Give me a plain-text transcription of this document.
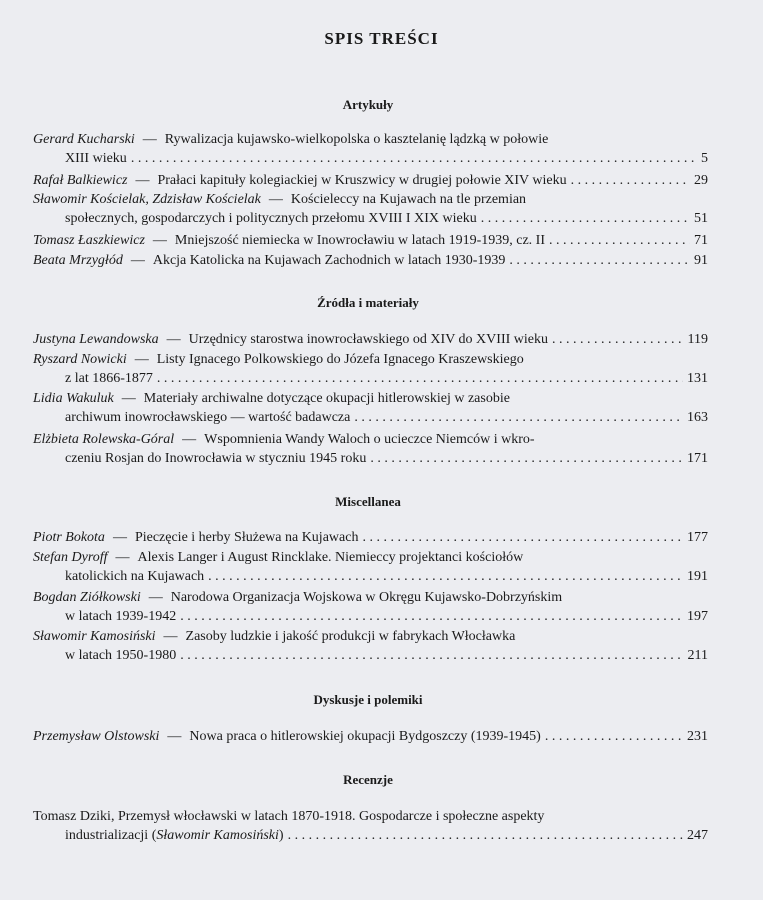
SPIS TREŚCI
Artykuły
Gerard Kucharski — Rywalizacja kujawsko-wielkopolska o kasztelanię lądzką w połowie
XIII wieku . . .	5
Rafał Balkiewicz — Prałaci kapituły kolegiackiej w Kruszwicy w drugiej połowie XIV wieku . . .	29
Sławomir Kościelak, Zdzisław Kościelak — Kościeleccy na Kujawach na tle przemian
społecznych, gospodarczych i politycznych przełomu XVIII I XIX wieku . . .	51
Tomasz Łaszkiewicz — Mniejszość niemiecka w Inowrocławiu w latach 1919-1939, cz. II . . .	71
Beata Mrzygłód — Akcja Katolicka na Kujawach Zachodnich w latach 1930-1939 . . .	91
Źródła i materiały
Justyna Lewandowska — Urzędnicy starostwa inowrocławskiego od XIV do XVIII wieku . . .	119
Ryszard Nowicki — Listy Ignacego Polkowskiego do Józefa Ignacego Kraszewskiego
z lat 1866-1877 . . .	131
Lidia Wakuluk — Materiały archiwalne dotyczące okupacji hitlerowskiej w zasobie
archiwum inowrocławskiego — wartość badawcza . . .	163
Elżbieta Rolewska-Góral — Wspomnienia Wandy Waloch o ucieczce Niemców i wkro-
czeniu Rosjan do Inowrocławia w styczniu 1945 roku . . .	171
Miscellanea
Piotr Bokota — Pieczęcie i herby Służewa na Kujawach . . .	177
Stefan Dyroff — Alexis Langer i August Rincklake. Niemieccy projektanci kościołów
katolickich na Kujawach . . .	191
Bogdan Ziółkowski — Narodowa Organizacja Wojskowa w Okręgu Kujawsko-Dobrzyńskim
w latach 1939-1942 . . .	197
Sławomir Kamosiński — Zasoby ludzkie i jakość produkcji w fabrykach Włocławka
w latach 1950-1980 . . .	211
Dyskusje i polemiki
Przemysław Olstowski — Nowa praca o hitlerowskiej okupacji Bydgoszczy (1939-1945) . . .	231
Recenzje
Tomasz Dziki, Przemysł włocławski w latach 1870-1918. Gospodarcze i społeczne aspekty
industrializacji ( Sławomir Kamosiński ) . . .	247
